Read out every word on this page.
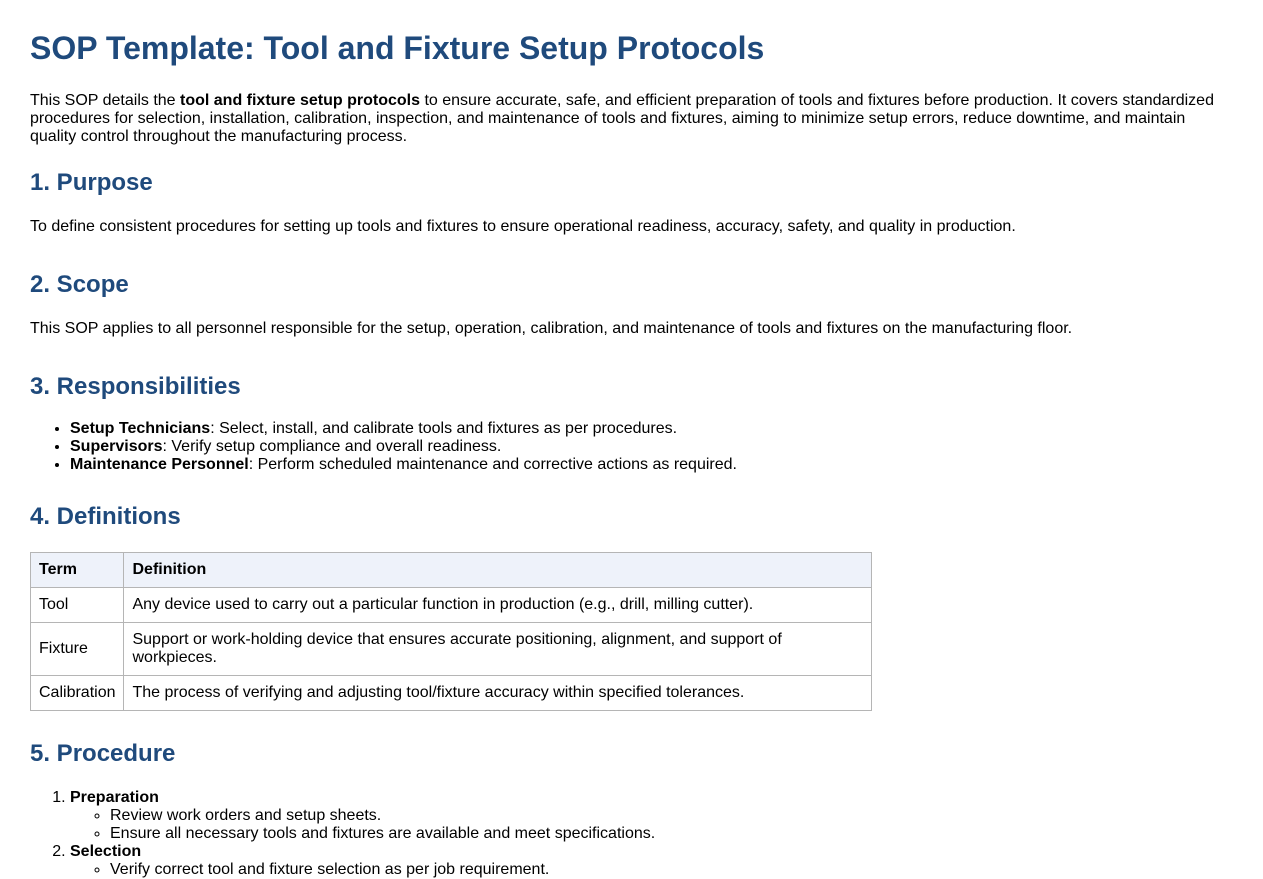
SOP Template: Tool and Fixture Setup Protocols

This SOP details the tool and fixture setup protocols to ensure accurate, safe, and efficient preparation of tools and fixtures before production. It covers standardized procedures for selection, installation, calibration, inspection, and maintenance of tools and fixtures, aiming to minimize setup errors, reduce downtime, and maintain quality control throughout the manufacturing process.

1. Purpose

To define consistent procedures for setting up tools and fixtures to ensure operational readiness, accuracy, safety, and quality in production.

2. Scope

This SOP applies to all personnel responsible for the setup, operation, calibration, and maintenance of tools and fixtures on the manufacturing floor.

3. Responsibilities
• Setup Technicians: Select, install, and calibrate tools and fixtures as per procedures.
• Supervisors: Verify setup compliance and overall readiness.
• Maintenance Personnel: Perform scheduled maintenance and corrective actions as required.
4. Definitions
Term	Definition
Tool	Any device used to carry out a particular function in production (e.g., drill, milling cutter).
Fixture	Support or work-holding device that ensures accurate positioning, alignment, and support of workpieces.
Calibration	The process of verifying and adjusting tool/fixture accuracy within specified tolerances.
5. Procedure
1. Preparation
◦ Review work orders and setup sheets.
◦ Ensure all necessary tools and fixtures are available and meet specifications.
2. Selection
◦ Verify correct tool and fixture selection as per job requirement.
